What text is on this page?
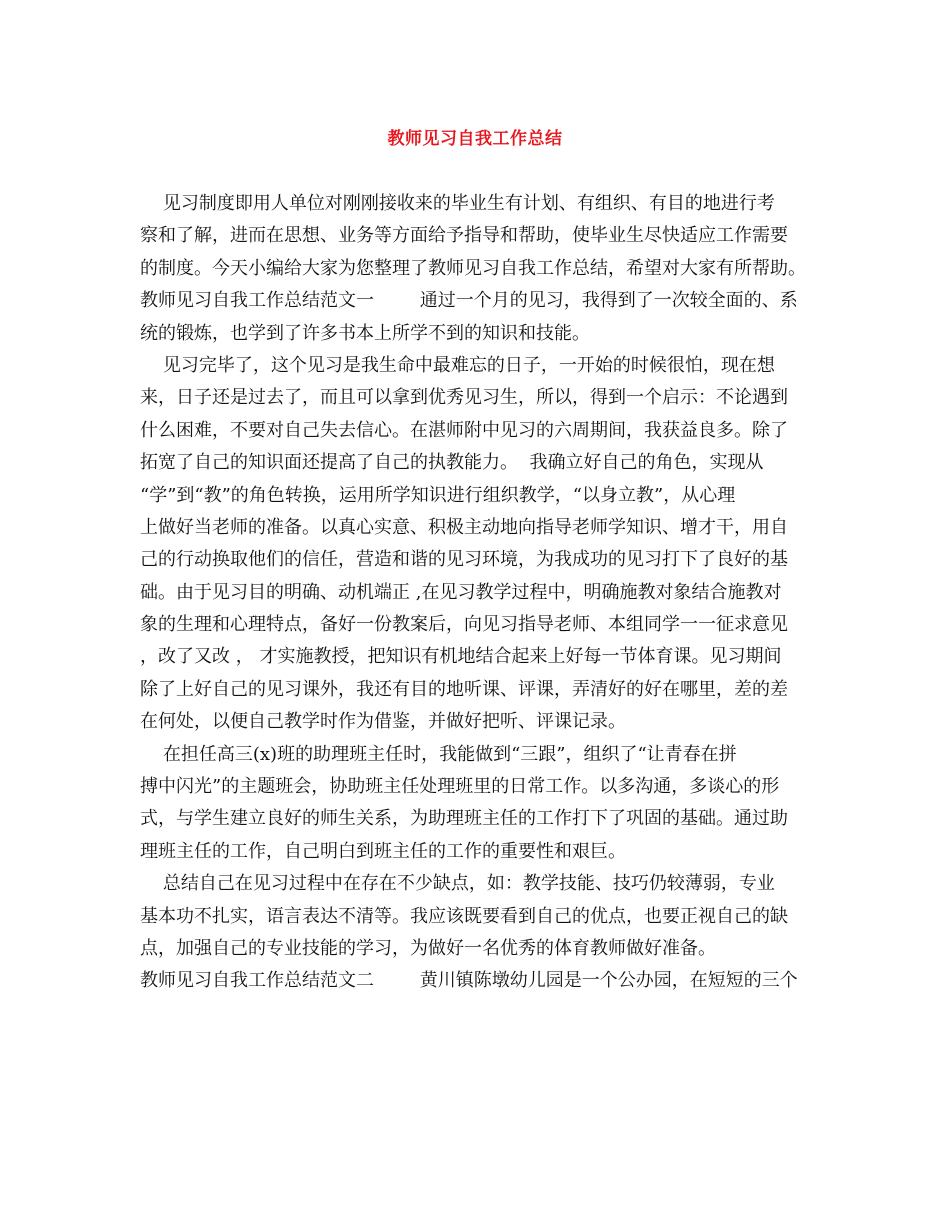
教师见习自我工作总结
见习制度即用人单位对刚刚接收来的毕业生有计划、有组织、有目的地进行考
察和了解，进而在思想、业务等方面给予指导和帮助，使毕业生尽快适应工作需要
的制度。今天小编给大家为您整理了教师见习自我工作总结，希望对大家有所帮助。
教师见习自我工作总结范文一        通过一个月的见习，我得到了一次较全面的、系
统的锻炼，也学到了许多书本上所学不到的知识和技能。
见习完毕了，这个见习是我生命中最难忘的日子，一开始的时候很怕，现在想
来，日子还是过去了，而且可以拿到优秀见习生，所以，得到一个启示：不论遇到
什么困难，不要对自己失去信心。在湛师附中见习的六周期间，我获益良多。除了
拓宽了自己的知识面还提高了自己的执教能力。  我确立好自己的角色，实现从
“学”到“教”的角色转换，运用所学知识进行组织教学，“以身立教”，从心理
上做好当老师的准备。以真心实意、积极主动地向指导老师学知识、增才干，用自
己的行动换取他们的信任，营造和谐的见习环境，为我成功的见习打下了良好的基
础。由于见习目的明确、动机端正 ,在见习教学过程中，明确施教对象结合施教对
象的生理和心理特点，备好一份教案后，向见习指导老师、本组同学一一征求意见
，改了又改 ， 才实施教授，把知识有机地结合起来上好每一节体育课。见习期间
除了上好自己的见习课外，我还有目的地听课、评课，弄清好的好在哪里，差的差
在何处，以便自己教学时作为借鉴，并做好把听、评课记录。
在担任高三(x)班的助理班主任时，我能做到“三跟”，组织了“让青春在拼
搏中闪光”的主题班会，协助班主任处理班里的日常工作。以多沟通，多谈心的形
式，与学生建立良好的师生关系，为助理班主任的工作打下了巩固的基础。通过助
理班主任的工作，自己明白到班主任的工作的重要性和艰巨。
总结自己在见习过程中在存在不少缺点，如：教学技能、技巧仍较薄弱，专业
基本功不扎实，语言表达不清等。我应该既要看到自己的优点，也要正视自己的缺
点，加强自己的专业技能的学习，为做好一名优秀的体育教师做好准备。
教师见习自我工作总结范文二        黄川镇陈墩幼儿园是一个公办园，在短短的三个
